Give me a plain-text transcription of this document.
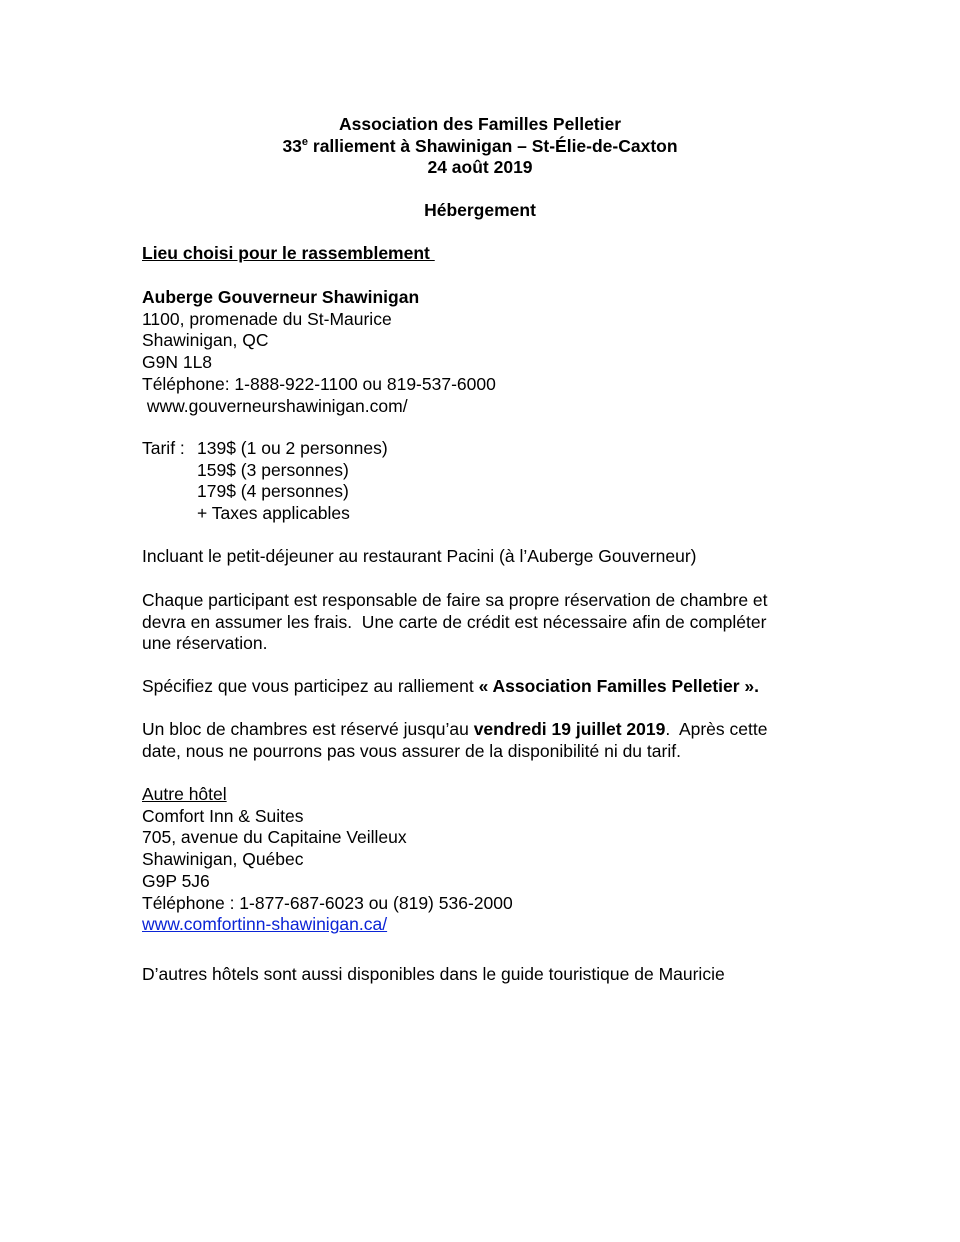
Association des Familles Pelletier
33e ralliement à Shawinigan – St-Élie-de-Caxton
24 août 2019
Hébergement
Lieu choisi pour le rassemblement
Auberge Gouverneur Shawinigan
1100, promenade du St-Maurice
Shawinigan, QC
G9N 1L8
Téléphone: 1-888-922-1100 ou 819-537-6000
www.gouverneurshawinigan.com/
Tarif : 139$ (1 ou 2 personnes)
159$ (3 personnes)
179$ (4 personnes)
+ Taxes applicables
Incluant le petit-déjeuner au restaurant Pacini (à l’Auberge Gouverneur)
Chaque participant est responsable de faire sa propre réservation de chambre et
devra en assumer les frais.  Une carte de crédit est nécessaire afin de compléter
une réservation.
Spécifiez que vous participez au ralliement « Association Familles Pelletier ».
Un bloc de chambres est réservé jusqu’au vendredi 19 juillet 2019.  Après cette
date, nous ne pourrons pas vous assurer de la disponibilité ni du tarif.
Autre hôtel
Comfort Inn & Suites
705, avenue du Capitaine Veilleux
Shawinigan, Québec
G9P 5J6
Téléphone : 1-877-687-6023 ou (819) 536-2000
www.comfortinn-shawinigan.ca/
D’autres hôtels sont aussi disponibles dans le guide touristique de Mauricie
